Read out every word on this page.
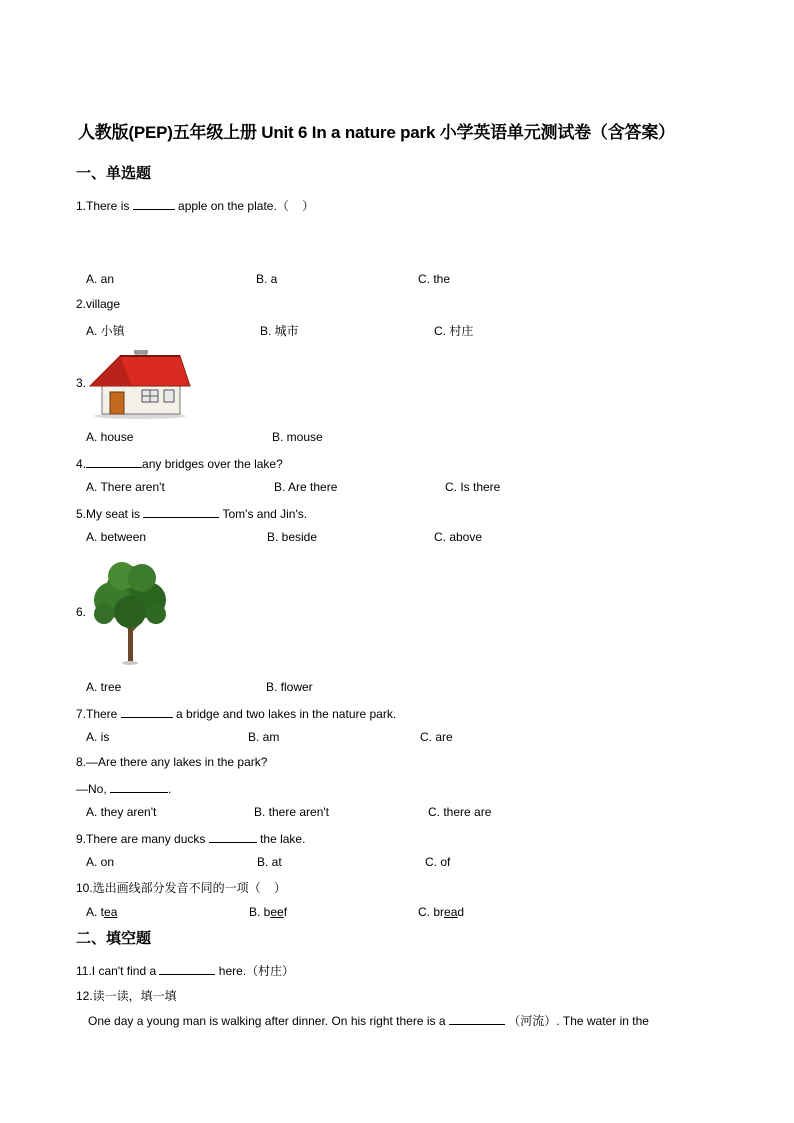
人教版(PEP)五年级上册 Unit 6 In a nature park 小学英语单元测试卷（含答案）
一、单选题
1.There is	apple on the plate.（    ）
A. an	B. a	C. the
2.village
A. 小镇	B. 城市	C. 村庄
3.
A. house	B. mouse
4.	any bridges over the lake?
A. There aren't	B. Are there	C. Is there
5.My seat is	Tom's and Jin's.
A. between	B. beside	C. above
6.
A. tree	B. flower
7.There	a bridge and two lakes in the nature park.
A. is	B. am	C. are
8.—Are there any lakes in the park?
—No,	.
A. they aren't	B. there aren't	C. there are
9.There are many ducks	the lake.
A. on	B. at	C. of
10.选出画线部分发音不同的一项（    ）
A. tea	B. beef	C. bread
二、填空题
11.I can't find a	here.（村庄）
12.读一读，填一填
One day a young man is walking after dinner. On his right there is a	（河流）. The water in the
